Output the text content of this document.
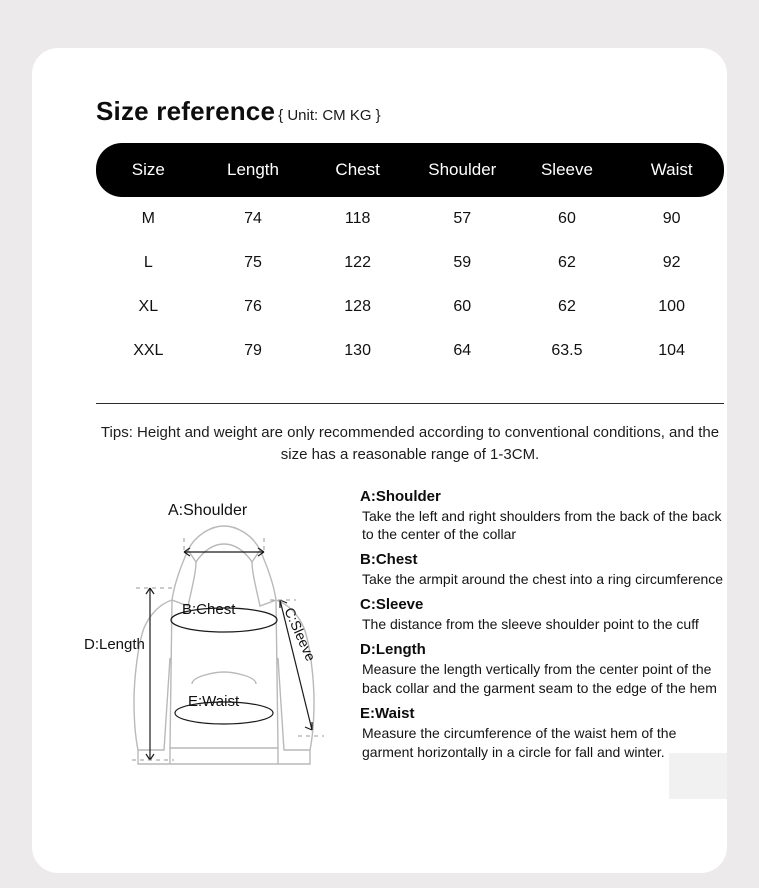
Size reference { Unit: CM KG }
Size	Length	Chest	Shoulder	Sleeve	Waist
M	74	118	57	60	90
L	75	122	59	62	92
XL	76	128	60	62	100
XXL	79	130	64	63.5	104
Tips: Height and weight are only recommended according to conventional conditions, and the size has a reasonable range of 1-3CM.
A:Shoulder
B:Chest
E:Waist
D:Length	C:Sleeve
A:Shoulder
Take the left and right shoulders from the back of the back to the center of the collar
B:Chest
Take the armpit around the chest into a ring circumference
C:Sleeve
The distance from the sleeve shoulder point to the cuff
D:Length
Measure the length vertically from the center point of the back collar and the garment seam to the edge of the hem
E:Waist
Measure the circumference of the waist hem of the garment horizontally in a circle for fall and winter.
